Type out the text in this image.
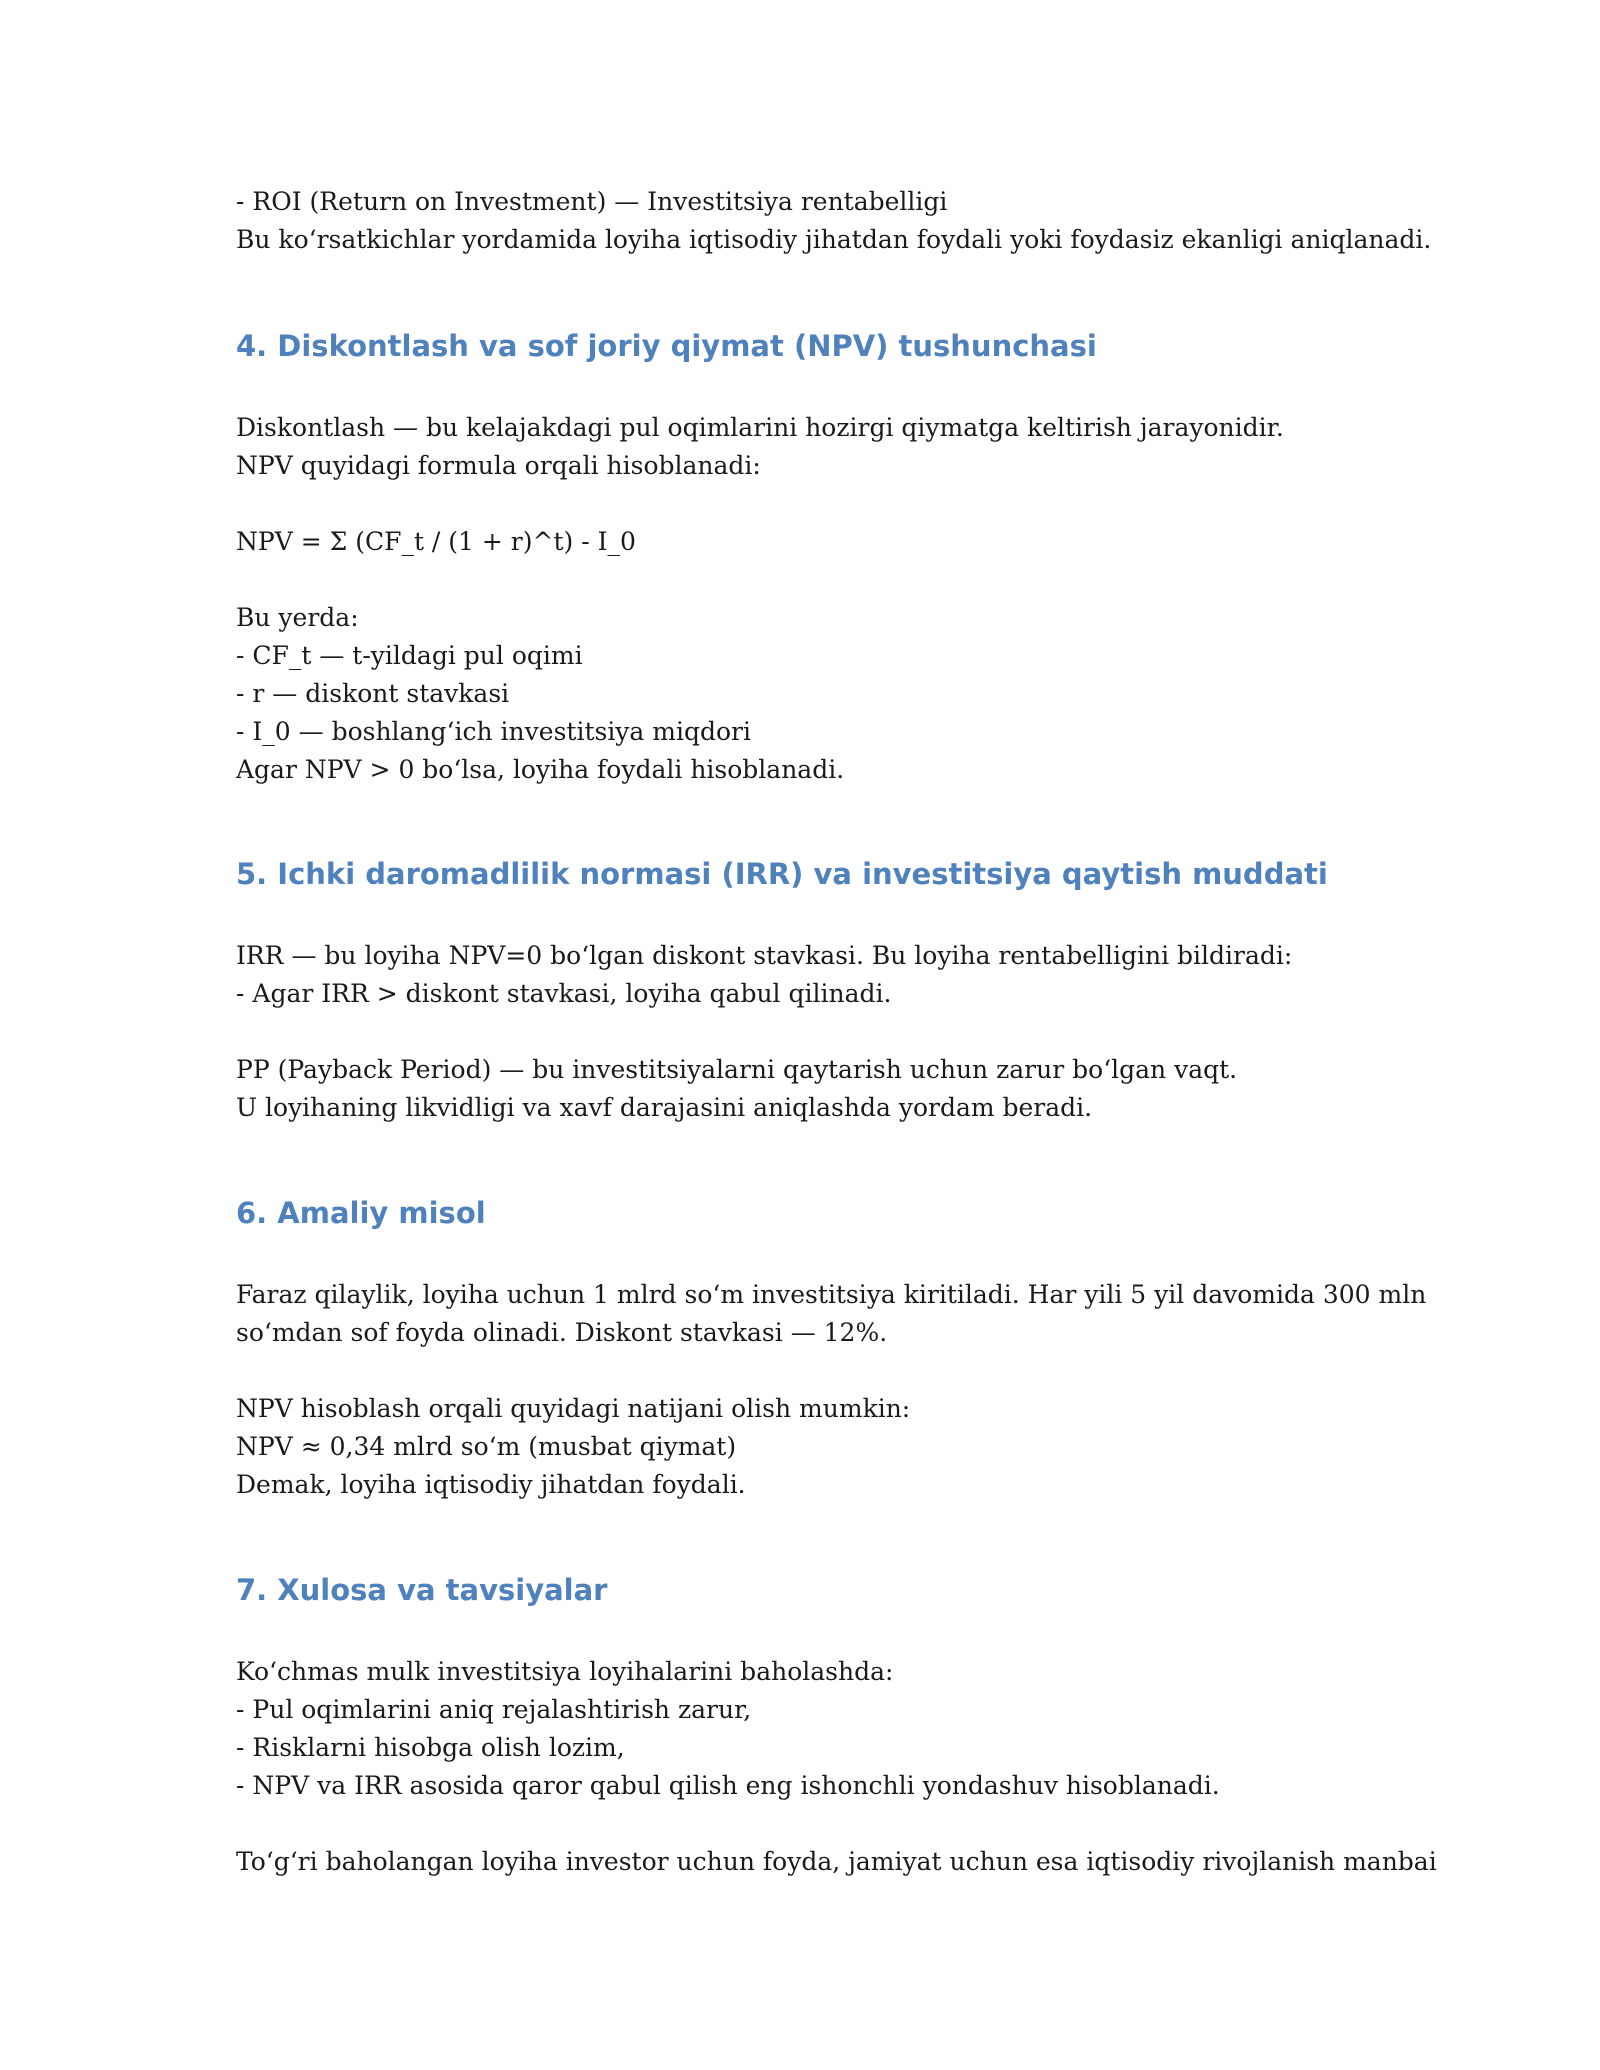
- ROI (Return on Investment) — Investitsiya rentabelligi
Bu ko‘rsatkichlar yordamida loyiha iqtisodiy jihatdan foydali yoki foydasiz ekanligi aniqlanadi.
4. Diskontlash va sof joriy qiymat (NPV) tushunchasi
Diskontlash — bu kelajakdagi pul oqimlarini hozirgi qiymatga keltirish jarayonidir.
NPV quyidagi formula orqali hisoblanadi:
NPV = Σ (CF_t / (1 + r)^t) - I_0
Bu yerda:
- CF_t — t-yildagi pul oqimi
- r — diskont stavkasi
- I_0 — boshlang‘ich investitsiya miqdori
Agar NPV > 0 bo‘lsa, loyiha foydali hisoblanadi.
5. Ichki daromadlilik normasi (IRR) va investitsiya qaytish muddati
IRR — bu loyiha NPV=0 bo‘lgan diskont stavkasi. Bu loyiha rentabelligini bildiradi:
- Agar IRR > diskont stavkasi, loyiha qabul qilinadi.
PP (Payback Period) — bu investitsiyalarni qaytarish uchun zarur bo‘lgan vaqt.
U loyihaning likvidligi va xavf darajasini aniqlashda yordam beradi.
6. Amaliy misol
Faraz qilaylik, loyiha uchun 1 mlrd so‘m investitsiya kiritiladi. Har yili 5 yil davomida 300 mln
so‘mdan sof foyda olinadi. Diskont stavkasi — 12%.
NPV hisoblash orqali quyidagi natijani olish mumkin:
NPV ≈ 0,34 mlrd so‘m (musbat qiymat)
Demak, loyiha iqtisodiy jihatdan foydali.
7. Xulosa va tavsiyalar
Ko‘chmas mulk investitsiya loyihalarini baholashda:
- Pul oqimlarini aniq rejalashtirish zarur,
- Risklarni hisobga olish lozim,
- NPV va IRR asosida qaror qabul qilish eng ishonchli yondashuv hisoblanadi.
To‘g‘ri baholangan loyiha investor uchun foyda, jamiyat uchun esa iqtisodiy rivojlanish manbai
